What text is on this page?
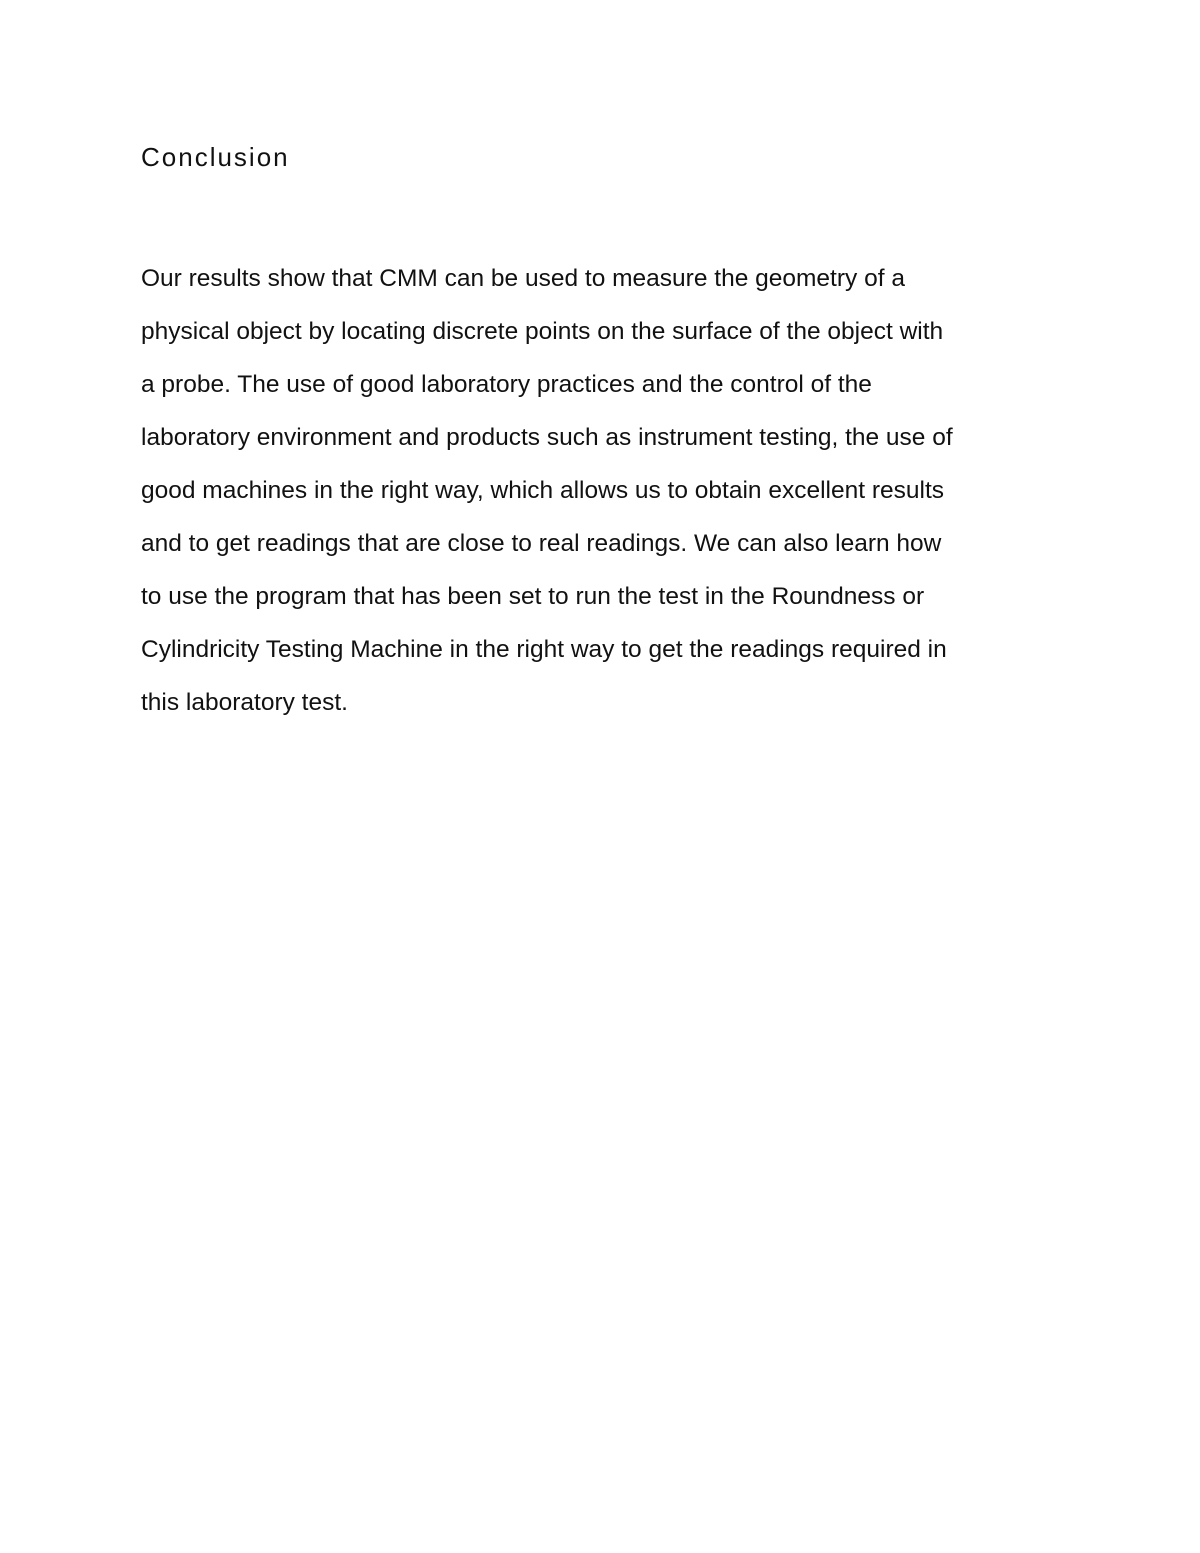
Conclusion
Our results show that CMM can be used to measure the geometry of a
physical object by locating discrete points on the surface of the object with
a probe. The use of good laboratory practices and the control of the
laboratory environment and products such as instrument testing, the use of
good machines in the right way, which allows us to obtain excellent results
and to get readings that are close to real readings. We can also learn how
to use the program that has been set to run the test in the Roundness or
Cylindricity Testing Machine in the right way to get the readings required in
this laboratory test.
